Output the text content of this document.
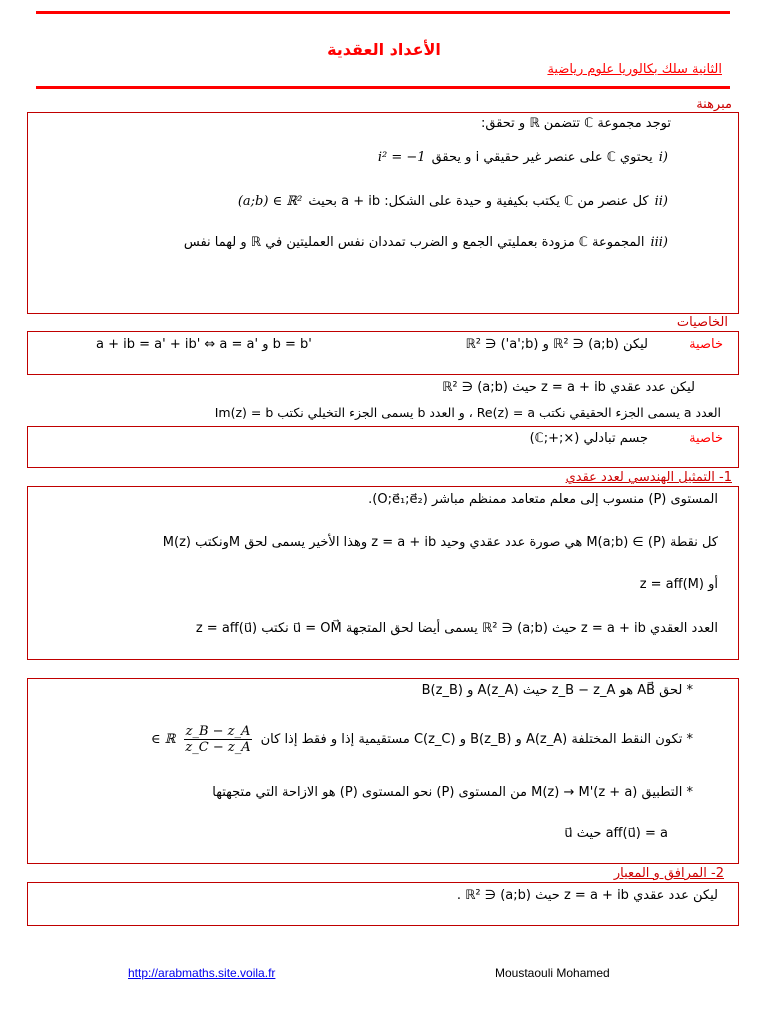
الأعداد العقدية
الثانية سلك بكالوريا علوم رياضية
مبرهنة
توجد مجموعة ℂ تتضمن ℝ و تحقق:
i)
يحتوي ℂ على عنصر غير حقيقي i و يحقق
i² = −1
ii)
كل عنصر من ℂ يكتب بكيفية و حيدة على الشكل: a + ib بحيث
(a;b) ∈ ℝ²
iii)
المجموعة ℂ مزودة بعمليتي الجمع و الضرب تمددان نفس العمليتين في ℝ و لهما نفس
الخاصيات
خاصية
ليكن (a;b) ∈ ℝ² و (a';b') ∈ ℝ²
a + ib = a' + ib' ⇔ a = a' و b = b'
ليكن عدد عقدي z = a + ib حيث (a;b) ∈ ℝ²
العدد a يسمى الجزء الحقيقي نكتب Re(z) = a ، و العدد b يسمى الجزء التخيلي نكتب Im(z) = b
خاصية
(ℂ;+;×) جسم تبادلي
1- التمثيل الهندسي لعدد عقدي
المستوى (P) منسوب إلى معلم متعامد ممنظم مباشر (O;e⃗₁;e⃗₂).
كل نقطة M(a;b) ∈ (P) هي صورة عدد عقدي وحيد z = a + ib وهذا الأخير يسمى لحق Mونكتب M(z)
أو z = aff(M)
العدد العقدي z = a + ib حيث (a;b) ∈ ℝ² يسمى أيضا لحق المتجهة u⃗ = OM⃗ نكتب z = aff(u⃗)
* لحق AB⃗ هو z_B − z_A حيث A(z_A) و B(z_B)
* تكون النقط المختلفة A(z_A) و B(z_B) و C(z_C) مستقيمية إذا و فقط إذا كان
$\frac{z\_B - z\_A}{z\_C - z\_A}$
∈ ℝ
* التطبيق M(z) → M'(z + a) من المستوى (P) نحو المستوى (P) هو الازاحة التي متجهتها
u⃗ حيث aff(u⃗) = a
2- المرافق و المعيار
ليكن عدد عقدي z = a + ib حيث (a;b) ∈ ℝ² .
http://arabmaths.site.voila.fr	Moustaouli Mohamed
